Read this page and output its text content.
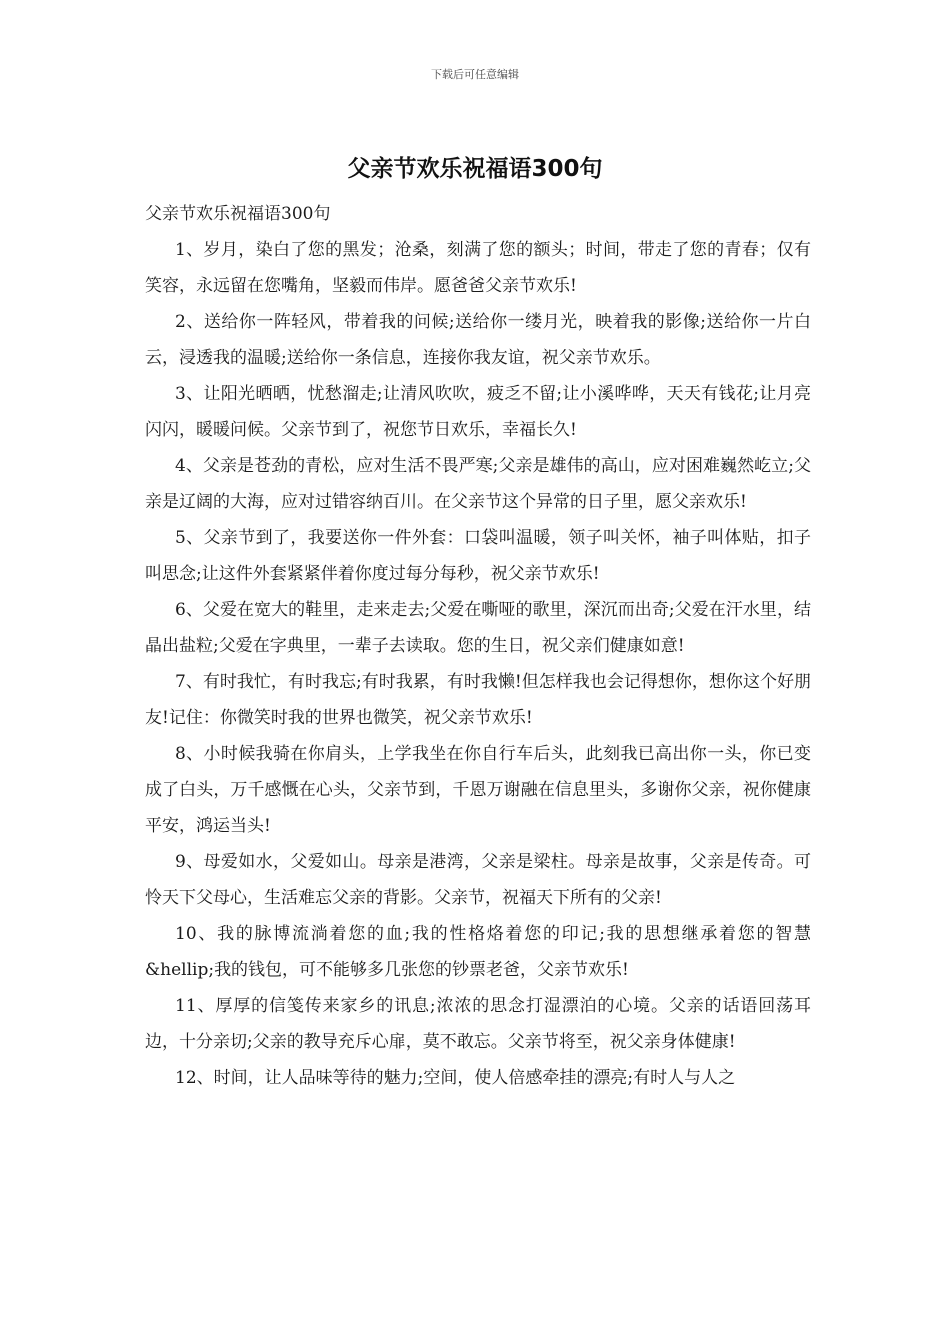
下载后可任意编辑
父亲节欢乐祝福语300句

父亲节欢乐祝福语300句

1、岁月，染白了您的黑发；沧桑，刻满了您的额头；时间，带走了您的青春；仅有笑容，永远留在您嘴角，坚毅而伟岸。愿爸爸父亲节欢乐!

2、送给你一阵轻风，带着我的问候;送给你一缕月光，映着我的影像;送给你一片白云，浸透我的温暖;送给你一条信息，连接你我友谊，祝父亲节欢乐。

3、让阳光晒晒，忧愁溜走;让清风吹吹，疲乏不留;让小溪哗哗，天天有钱花;让月亮闪闪，暖暖问候。父亲节到了，祝您节日欢乐，幸福长久!

4、父亲是苍劲的青松，应对生活不畏严寒;父亲是雄伟的高山，应对困难巍然屹立;父亲是辽阔的大海，应对过错容纳百川。在父亲节这个异常的日子里，愿父亲欢乐!

5、父亲节到了，我要送你一件外套：口袋叫温暖，领子叫关怀，袖子叫体贴，扣子叫思念;让这件外套紧紧伴着你度过每分每秒，祝父亲节欢乐!

6、父爱在宽大的鞋里，走来走去;父爱在嘶哑的歌里，深沉而出奇;父爱在汗水里，结晶出盐粒;父爱在字典里，一辈子去读取。您的生日，祝父亲们健康如意!

7、有时我忙，有时我忘;有时我累，有时我懒!但怎样我也会记得想你，想你这个好朋友!记住：你微笑时我的世界也微笑，祝父亲节欢乐!

8、小时候我骑在你肩头，上学我坐在你自行车后头，此刻我已高出你一头，你已变成了白头，万千感慨在心头，父亲节到，千恩万谢融在信息里头，多谢你父亲，祝你健康平安，鸿运当头!

9、母爱如水，父爱如山。母亲是港湾，父亲是梁柱。母亲是故事，父亲是传奇。可怜天下父母心，生活难忘父亲的背影。父亲节，祝福天下所有的父亲!

10、我的脉博流淌着您的血;我的性格烙着您的印记;我的思想继承着您的智慧&hellip;我的钱包，可不能够多几张您的钞票老爸，父亲节欢乐!

11、厚厚的信笺传来家乡的讯息;浓浓的思念打湿漂泊的心境。父亲的话语回荡耳边，十分亲切;父亲的教导充斥心扉，莫不敢忘。父亲节将至，祝父亲身体健康!

12、时间，让人品味等待的魅力;空间，使人倍感牵挂的漂亮;有时人与人之
